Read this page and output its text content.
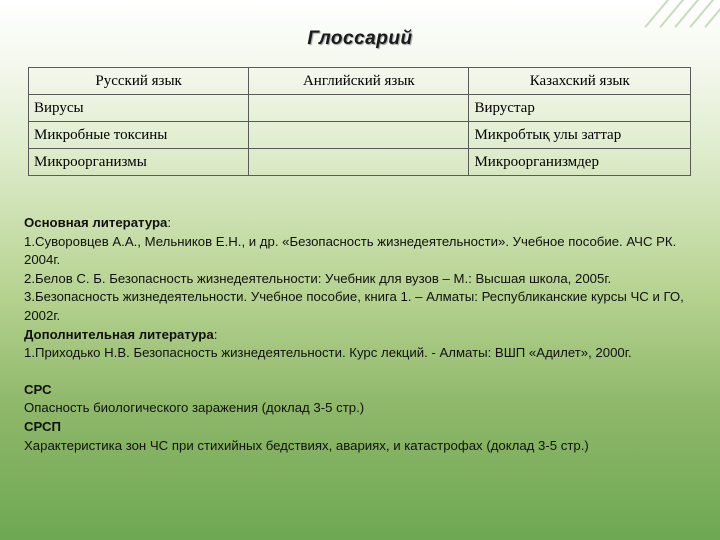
Глоссарий
Русский язык	Английский язык	Казахский язык
Вирусы		Вирустар
Микробные токсины		Микробтық улы заттар
Микроорганизмы		Микроорганизмдер

Основная литература:

1.Суворовцев А.А., Мельников Е.Н., и др. «Безопасность жизнедеятельности». Учебное пособие. АЧС РК. 2004г.

2.Белов С. Б. Безопасность жизнедеятельности: Учебник для вузов – М.: Высшая школа, 2005г.

3.Безопасность жизнедеятельности. Учебное пособие, книга 1. – Алматы: Республиканские курсы ЧС и ГО, 2002г.

Дополнительная литература:

1.Приходько Н.В. Безопасность жизнедеятельности. Курс лекций. - Алматы: ВШП «Адилет», 2000г.

СРС

Опасность биологического заражения (доклад 3-5 стр.)

СРСП

Характеристика зон ЧС при стихийных бедствиях, авариях, и катастрофах (доклад 3-5 стр.)
